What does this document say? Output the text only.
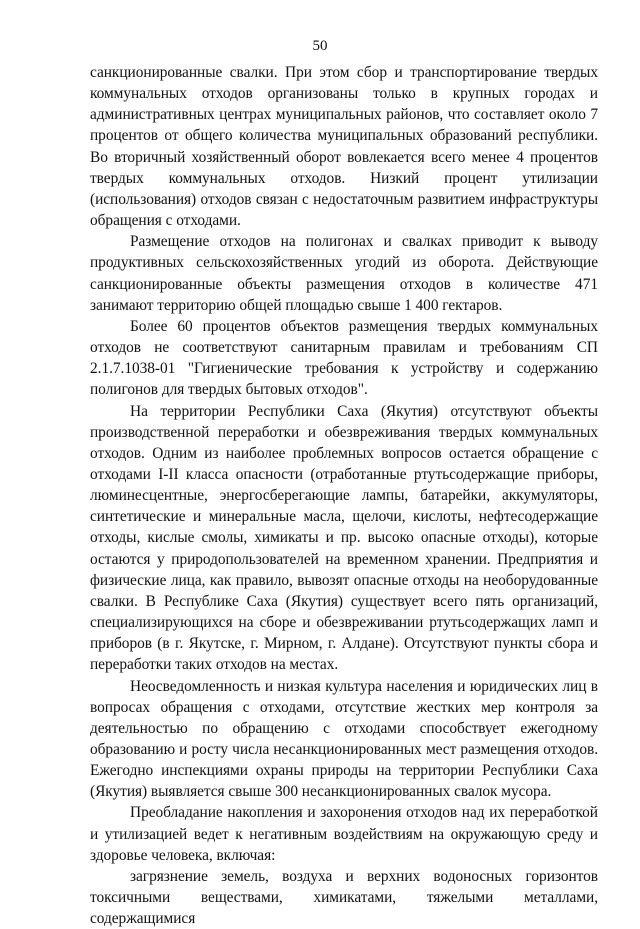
50

санкционированные свалки. При этом сбор и транспортирование твердых коммунальных отходов организованы только в крупных городах и административных центрах муниципальных районов, что составляет около 7 процентов от общего количества муниципальных образований республики. Во вторичный хозяйственный оборот вовлекается всего менее 4 процентов твердых коммунальных отходов. Низкий процент утилизации (использования) отходов связан с недостаточным развитием инфраструктуры обращения с отходами.

Размещение отходов на полигонах и свалках приводит к выводу продуктивных сельскохозяйственных угодий из оборота. Действующие санкционированные объекты размещения отходов в количестве 471 занимают территорию общей площадью свыше 1 400 гектаров.

Более 60 процентов объектов размещения твердых коммунальных отходов не соответствуют санитарным правилам и требованиям СП 2.1.7.1038-01 "Гигиенические требования к устройству и содержанию полигонов для твердых бытовых отходов".

На территории Республики Саха (Якутия) отсутствуют объекты производственной переработки и обезвреживания твердых коммунальных отходов. Одним из наиболее проблемных вопросов остается обращение с отходами I-II класса опасности (отработанные ртутьсодержащие приборы, люминесцентные, энергосберегающие лампы, батарейки, аккумуляторы, синтетические и минеральные масла, щелочи, кислоты, нефтесодержащие отходы, кислые смолы, химикаты и пр. высоко опасные отходы), которые остаются у природопользователей на временном хранении. Предприятия и физические лица, как правило, вывозят опасные отходы на необорудованные свалки. В Республике Саха (Якутия) существует всего пять организаций, специализирующихся на сборе и обезвреживании ртутьсодержащих ламп и приборов (в г. Якутске, г. Мирном, г. Алдане). Отсутствуют пункты сбора и переработки таких отходов на местах.

Неосведомленность и низкая культура населения и юридических лиц в вопросах обращения с отходами, отсутствие жестких мер контроля за деятельностью по обращению с отходами способствует ежегодному образованию и росту числа несанкционированных мест размещения отходов. Ежегодно инспекциями охраны природы на территории Республики Саха (Якутия) выявляется свыше 300 несанкционированных свалок мусора.

Преобладание накопления и захоронения отходов над их переработкой и утилизацией ведет к негативным воздействиям на окружающую среду и здоровье человека, включая:

загрязнение земель, воздуха и верхних водоносных горизонтов токсичными веществами, химикатами, тяжелыми металлами, содержащимися
